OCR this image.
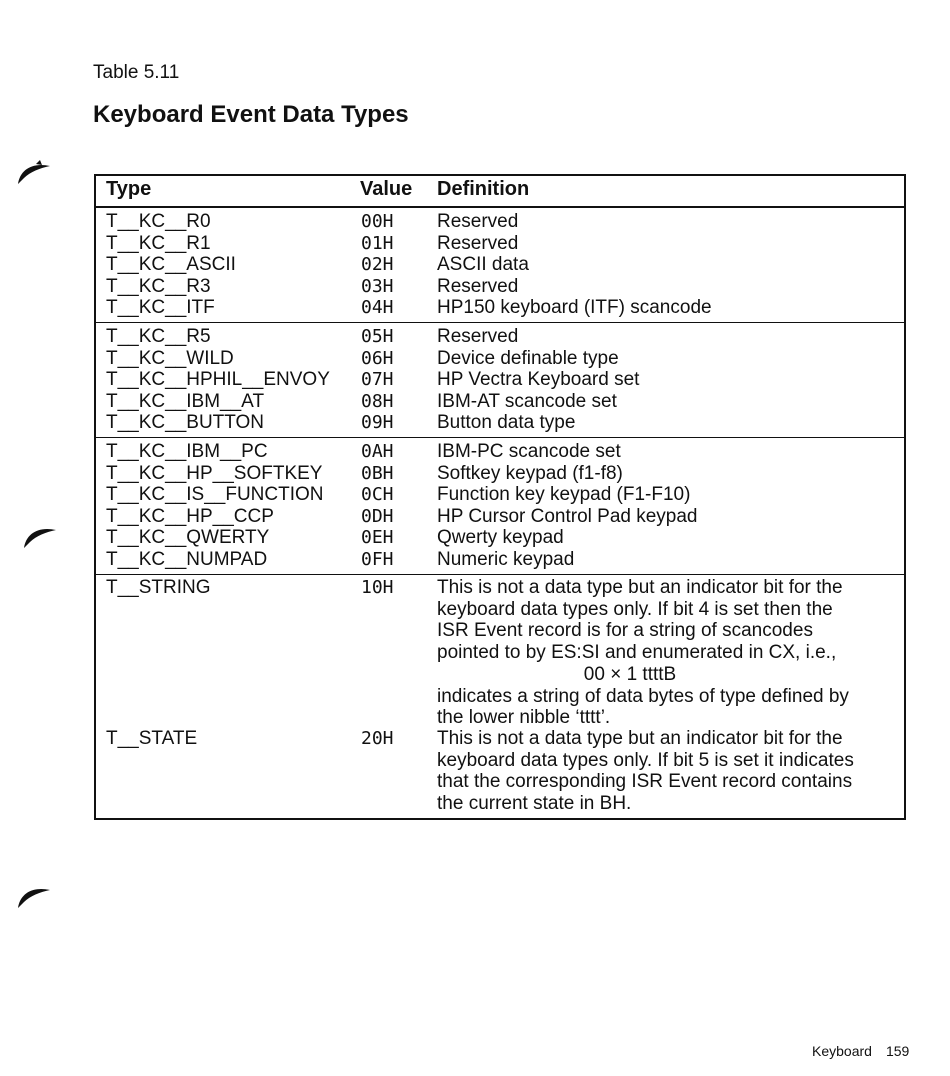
Table 5.11
Keyboard Event Data Types
Type	Value Definition
T__KC__R0	00H Reserved
T__KC__R1	01H Reserved
T__KC__ASCII	02H ASCII data
T__KC__R3	03H Reserved
T__KC__ITF	04H HP150 keyboard (ITF) scancode
T__KC__R5	05H Reserved
T__KC__WILD	06H Device definable type
T__KC__HPHIL__ENVOY 07H HP Vectra Keyboard set
T__KC__IBM__AT	08H IBM-AT scancode set
T__KC__BUTTON	09H Button data type
T__KC__IBM__PC	0AH IBM-PC scancode set
T__KC__HP__SOFTKEY 0BH Softkey keypad (f1-f8)
T__KC__IS__FUNCTION 0CH Function key keypad (F1-F10)
T__KC__HP__CCP	0DH HP Cursor Control Pad keypad
T__KC__QWERTY	0EH Qwerty keypad
T__KC__NUMPAD	0FH Numeric keypad
T__STRING	10H This is not a data type but an indicator bit for the
keyboard data types only. If bit 4 is set then the
ISR Event record is for a string of scancodes
pointed to by ES:SI and enumerated in CX, i.e.,
00 × 1 ttttB
indicates a string of data bytes of type defined by
the lower nibble ‘tttt’.
T__STATE	20H This is not a data type but an indicator bit for the
keyboard data types only. If bit 5 is set it indicates
that the corresponding ISR Event record contains
the current state in BH.
Keyboard 159
